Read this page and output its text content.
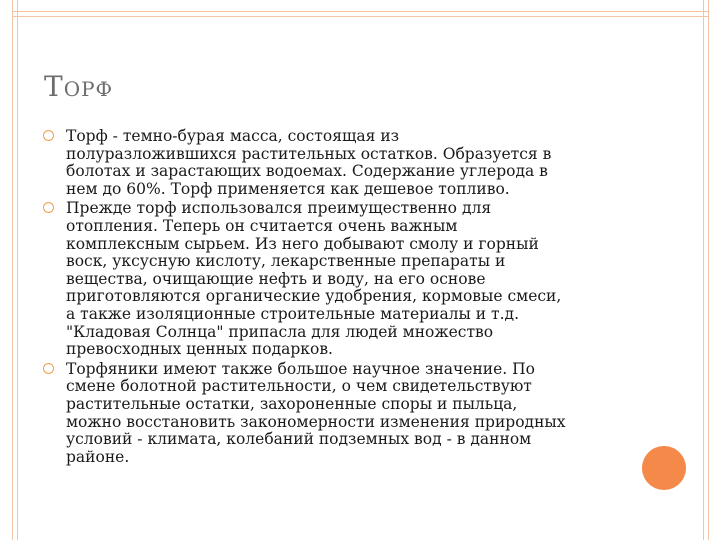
ТОРФ
Торф - темно-бурая масса, состоящая из
полуразложившихся растительных остатков. Образуется в
болотах и зарастающих водоемах. Содержание углерода в
нем до 60%. Торф применяется как дешевое топливо.
Прежде торф использовался преимущественно для
отопления. Теперь он считается очень важным
комплексным сырьем. Из него добывают смолу и горный
воск, уксусную кислоту, лекарственные препараты и
вещества, очищающие нефть и воду, на его основе
приготовляются органические удобрения, кормовые смеси,
а также изоляционные строительные материалы и т.д.
"Кладовая Солнца" припасла для людей множество
превосходных ценных подарков.
Торфяники имеют также большое научное значение. По
смене болотной растительности, о чем свидетельствуют
растительные остатки, захороненные споры и пыльца,
можно восстановить закономерности изменения природных
условий - климата, колебаний подземных вод - в данном
районе.
